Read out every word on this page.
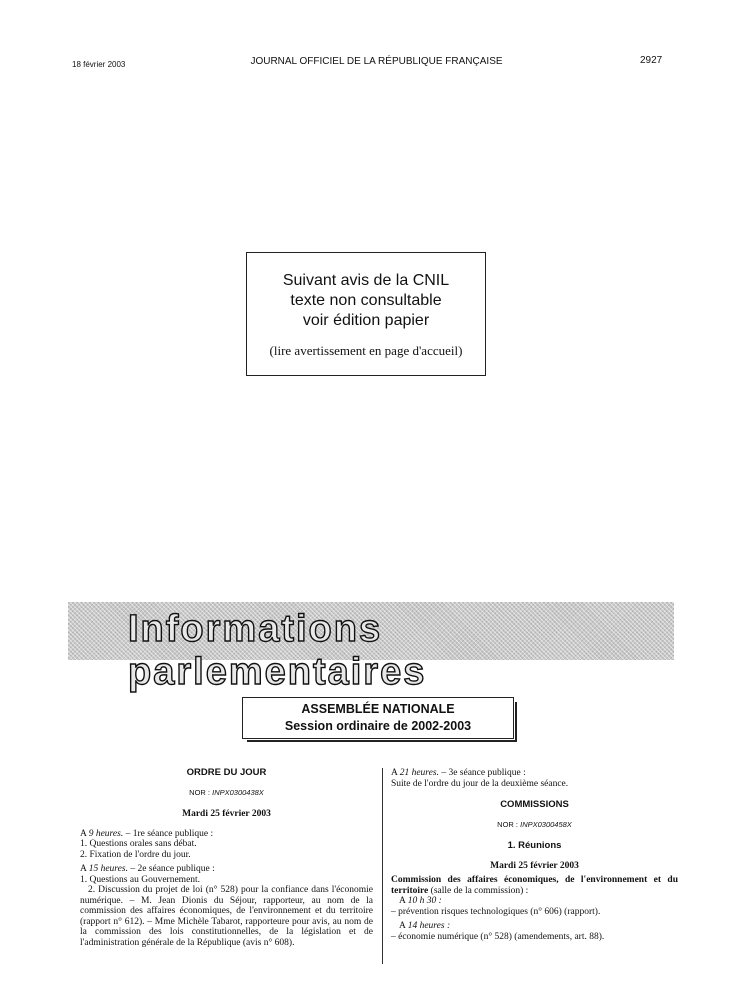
18 février 2003	JOURNAL OFFICIEL DE LA RÉPUBLIQUE FRANÇAISE	2927
Suivant avis de la CNIL
texte non consultable
voir édition papier
(lire avertissement en page d'accueil)
Informations parlementaires
ASSEMBLÉE NATIONALE
Session ordinaire de 2002-2003
ORDRE DU JOUR
NOR : INPX0300438X
Mardi 25 février 2003

A 9 heures. – 1re séance publique :

1. Questions orales sans débat.

2. Fixation de l'ordre du jour.

A 15 heures. – 2e séance publique :

1. Questions au Gouvernement.

2. Discussion du projet de loi (n° 528) pour la confiance dans l'économie numérique. – M. Jean Dionis du Séjour, rapporteur, au nom de la commission des affaires économiques, de l'environnement et du territoire (rapport n° 612). – Mme Michèle Tabarot, rapporteure pour avis, au nom de la commission des lois constitutionnelles, de la législation et de l'administration générale de la République (avis n° 608).

A 21 heures. – 3e séance publique :

Suite de l'ordre du jour de la deuxième séance.

COMMISSIONS
NOR : INPX0300458X
1. Réunions
Mardi 25 février 2003

Commission des affaires économiques, de l'environnement et du territoire (salle de la commission) :

A 10 h 30 :

– prévention risques technologiques (n° 606) (rapport).

A 14 heures :

– économie numérique (n° 528) (amendements, art. 88).
